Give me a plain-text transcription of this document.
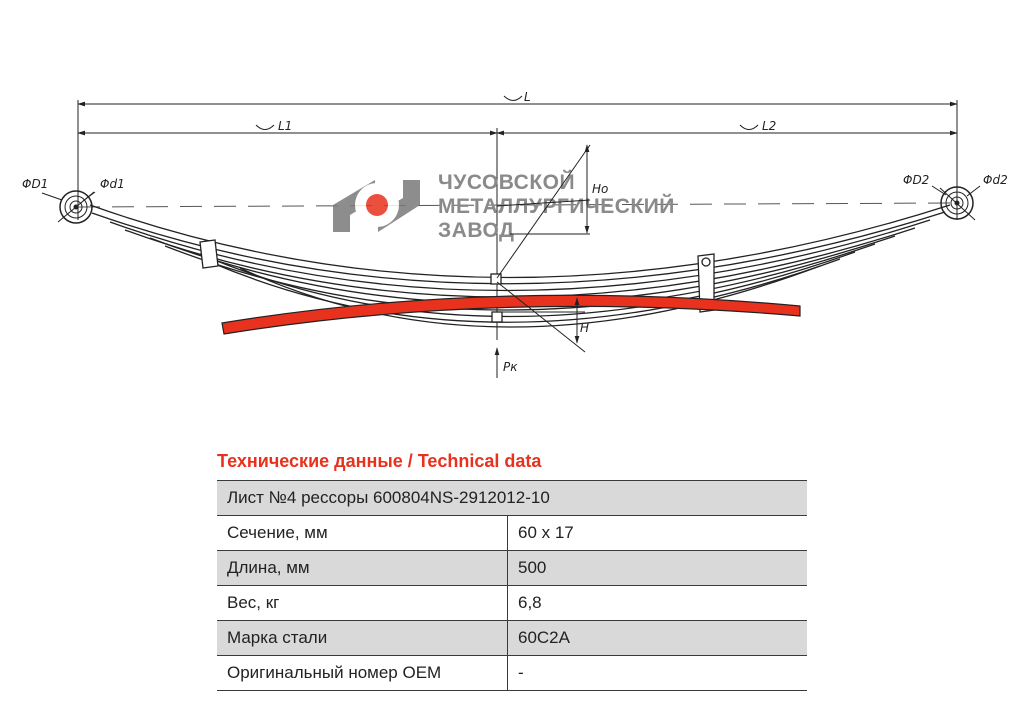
L
L1	L2
ЧУСОВСКОЙ
МЕТАЛЛУРГИЧЕСКИЙ
ЗАВОД
ΦD1	Φd1	ΦD2	Φd2
Ho
H
Pк
Технические данные / Technical data
Лист №4 рессоры 600804NS-2912012-10	
Сечение, мм	60 х 17
Длина, мм	500
Вес, кг	6,8
Марка стали	60С2А
Оригинальный номер OEM	-
